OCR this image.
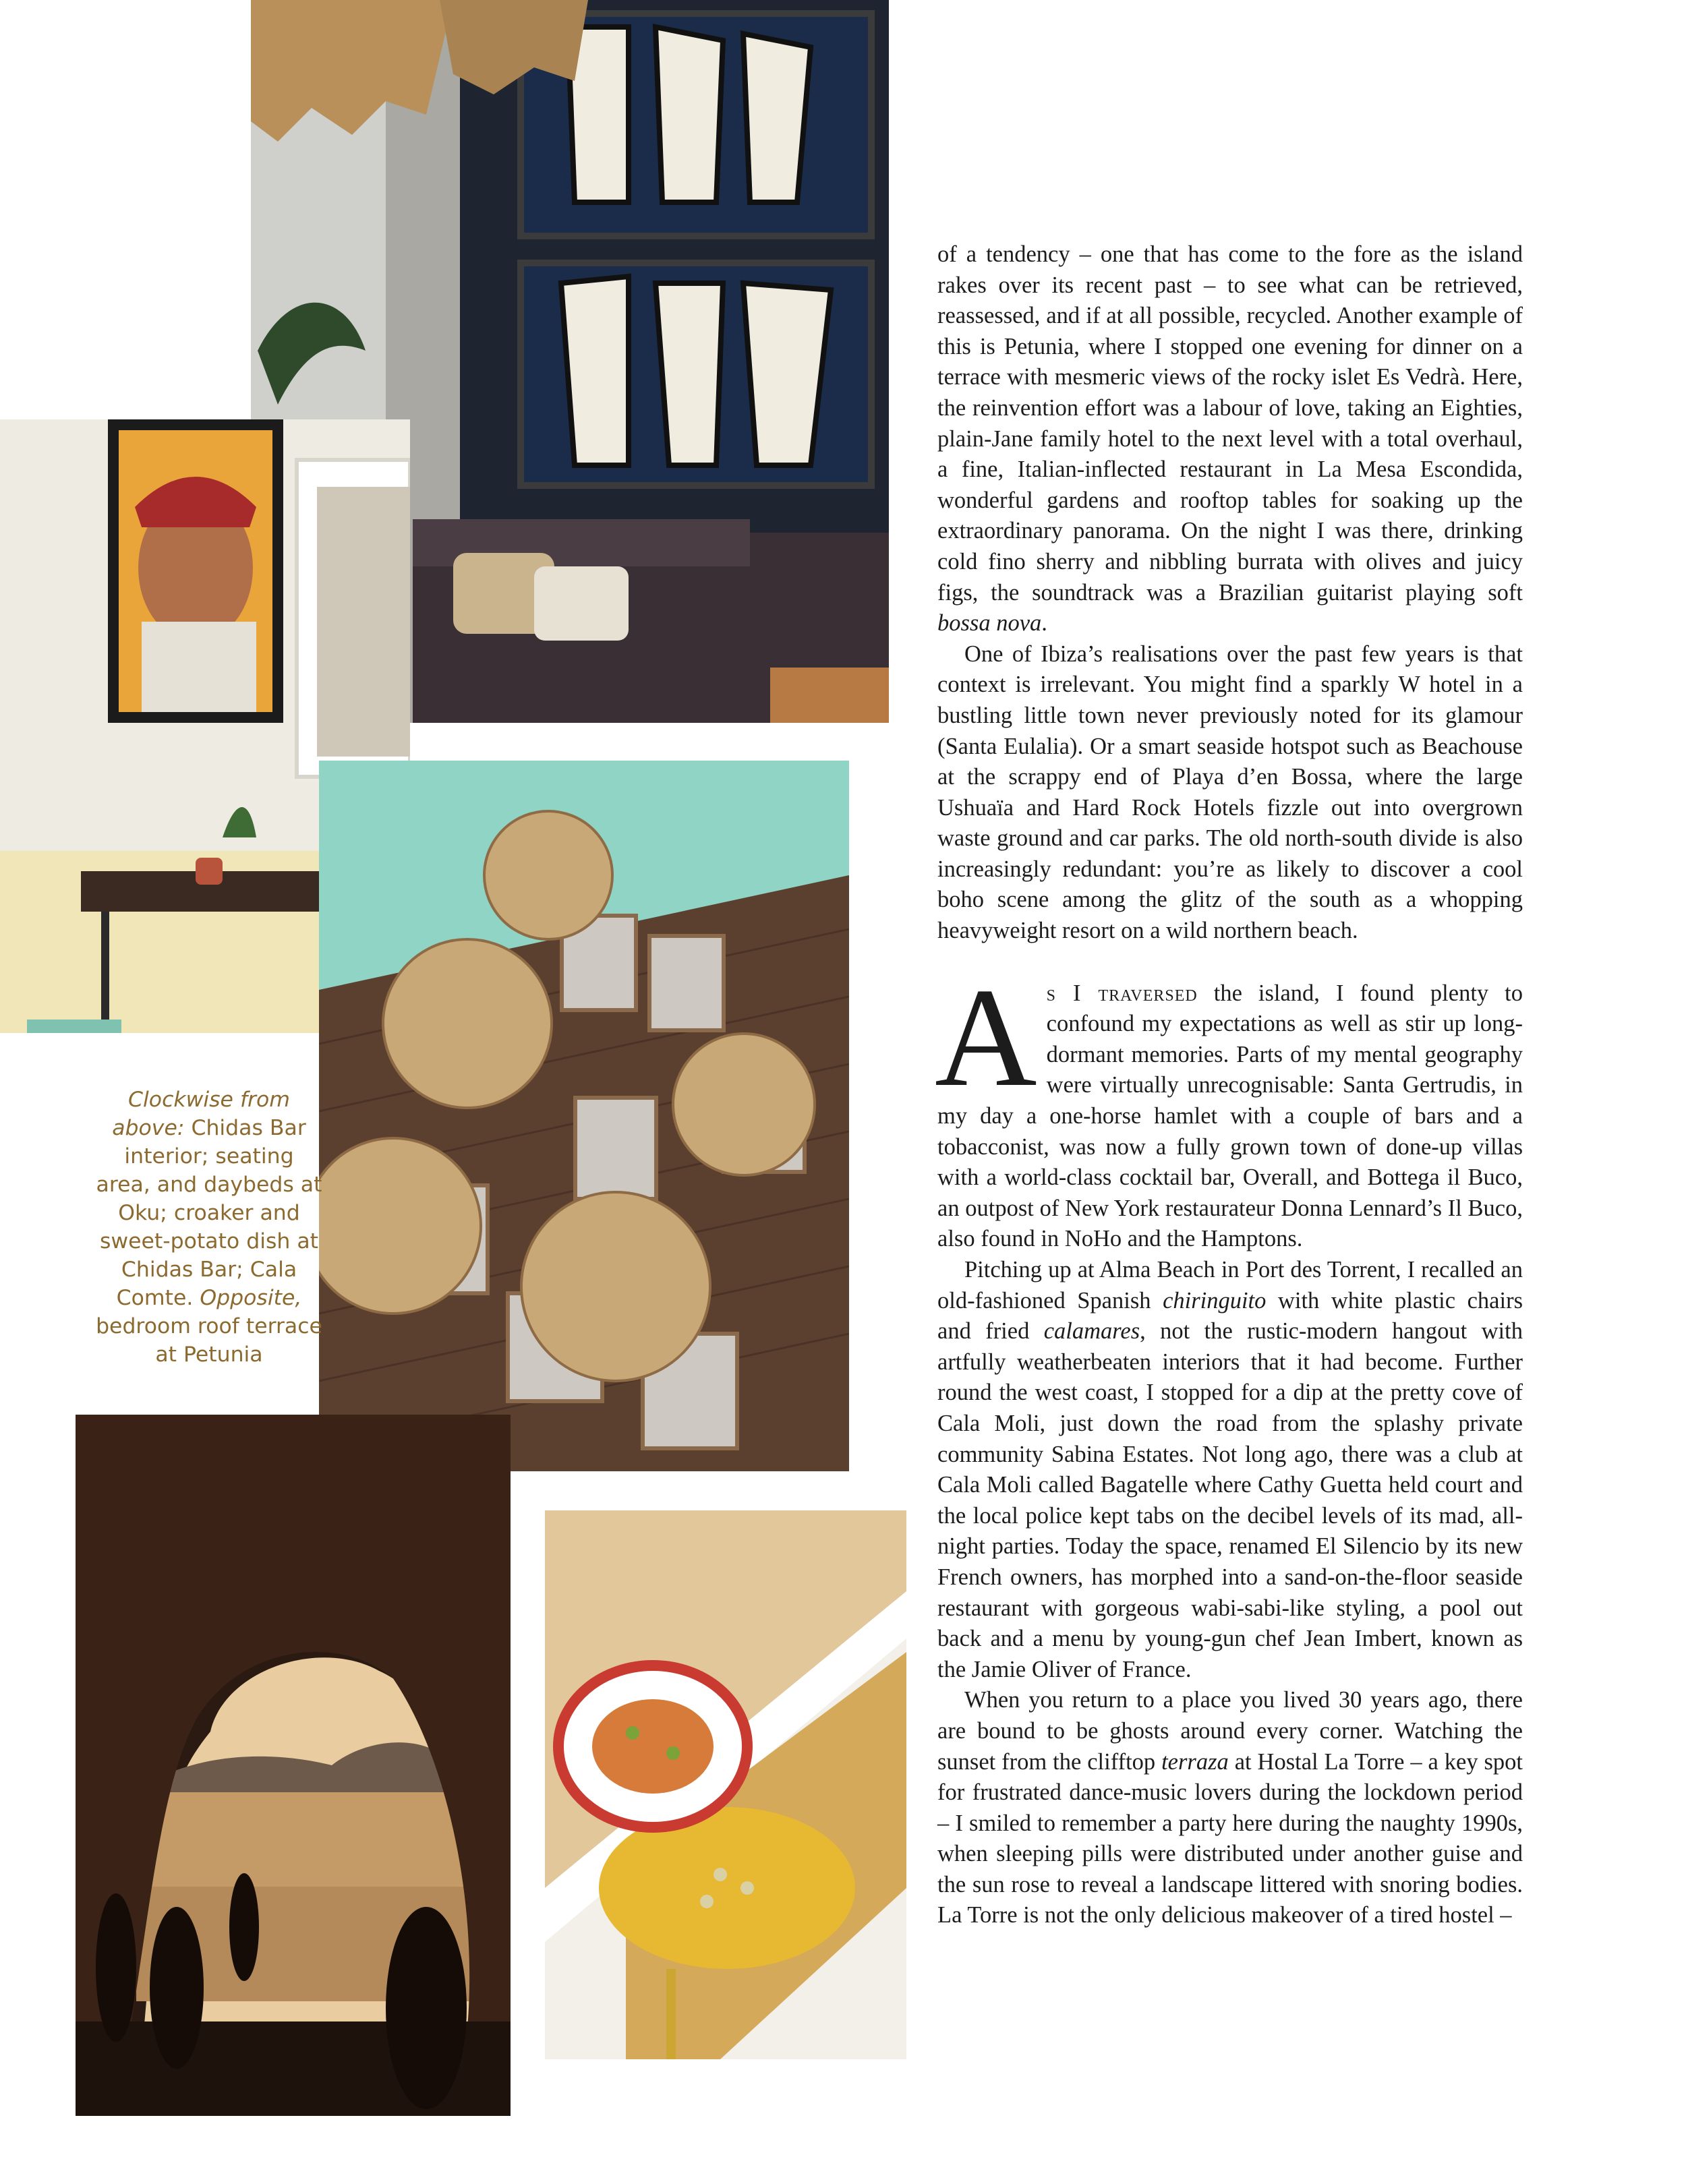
Clockwise from above: Chidas Bar interior; seating area, and daybeds at Oku; croaker and sweet-potato dish at Chidas Bar; Cala Comte. Opposite, bedroom roof terrace at Petunia

of a tendency – one that has come to the fore as the island rakes over its recent past – to see what can be retrieved, reassessed, and if at all possible, recycled. Another example of this is Petunia, where I stopped one evening for dinner on a terrace with mesmeric views of the rocky islet Es Vedrà. Here, the reinvention effort was a labour of love, taking an Eighties, plain-Jane family hotel to the next level with a total overhaul, a fine, Italian-inflected restaurant in La Mesa Escondida, wonderful gardens and rooftop tables for soaking up the extraordinary panorama. On the night I was there, drinking cold fino sherry and nibbling burrata with olives and juicy figs, the soundtrack was a Brazilian guitarist playing soft bossa nova.

One of Ibiza’s realisations over the past few years is that context is irrelevant. You might find a sparkly W hotel in a bustling little town never previously noted for its glamour (Santa Eulalia). Or a smart seaside hotspot such as Beachouse at the scrappy end of Playa d’en Bossa, where the large Ushuaïa and Hard Rock Hotels fizzle out into overgrown waste ground and car parks. The old north-south divide is also increasingly redundant: you’re as likely to discover a cool boho scene among the glitz of the south as a whopping heavyweight resort on a wild northern beach.

As I traversed the island, I found plenty to confound my expectations as well as stir up long-dormant memories. Parts of my mental geography were virtually unrecognisable: Santa Gertrudis, in my day a one-horse hamlet with a couple of bars and a tobacconist, was now a fully grown town of done-up villas with a world-class cocktail bar, Overall, and Bottega il Buco, an outpost of New York restaurateur Donna Lennard’s Il Buco, also found in NoHo and the Hamptons.

Pitching up at Alma Beach in Port des Torrent, I recalled an old-fashioned Spanish chiringuito with white plastic chairs and fried calamares, not the rustic-modern hangout with artfully weatherbeaten interiors that it had become. Further round the west coast, I stopped for a dip at the pretty cove of Cala Moli, just down the road from the splashy private community Sabina Estates. Not long ago, there was a club at Cala Moli called Bagatelle where Cathy Guetta held court and the local police kept tabs on the decibel levels of its mad, all-night parties. Today the space, renamed El Silencio by its new French owners, has morphed into a sand-on-the-floor seaside restaurant with gorgeous wabi-sabi-like styling, a pool out back and a menu by young-gun chef Jean Imbert, known as the Jamie Oliver of France.

When you return to a place you lived 30 years ago, there are bound to be ghosts around every corner. Watching the sunset from the clifftop terraza at Hostal La Torre – a key spot for frustrated dance-music lovers during the lockdown period – I smiled to remember a party here during the naughty 1990s, when sleeping pills were distributed under another guise and the sun rose to reveal a landscape littered with snoring bodies. La Torre is not the only delicious makeover of a tired hostel –
